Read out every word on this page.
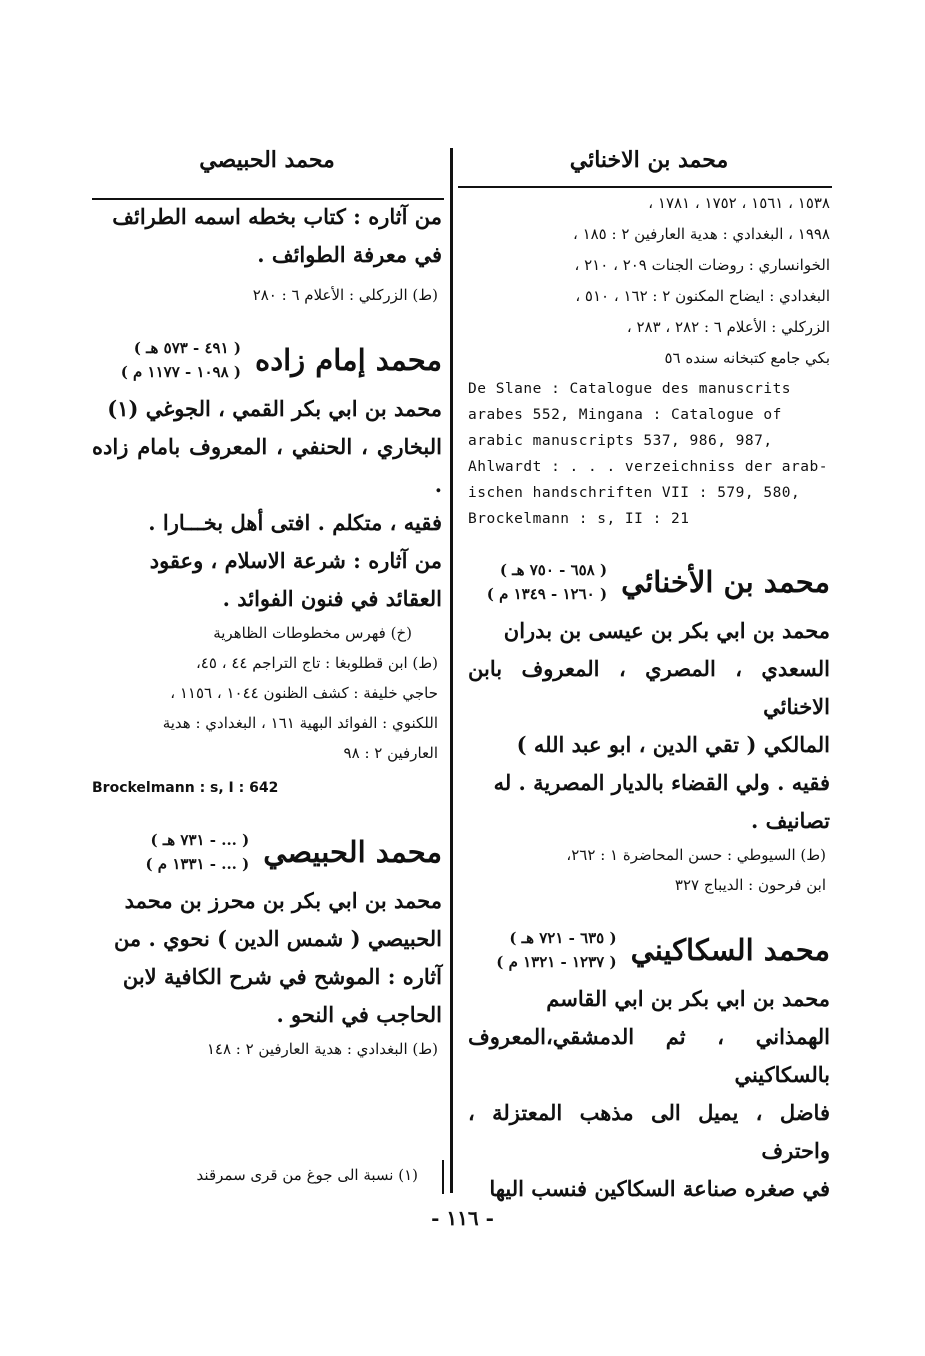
محمد بن الاخنائي

١٥٣٨ ، ١٥٦١ ، ١٧٥٢ ، ١٧٨١ ،

١٩٩٨ ، البغدادي : هدية العارفين ٢ : ١٨٥ ،

الخوانساري : روضات الجنات ٢٠٩ ، ٢١٠ ،

البغدادي : ايضاح المكنون ٢ : ١٦٢ ، ٥١٠ ،

الزركلي : الأعلام ٦ : ٢٨٢ ، ٢٨٣ ،

بكي جامع كتبخانه سنده ٥٦

De Slane : Catalogue des manuscrits

arabes 552, Mingana : Catalogue of

arabic manuscripts 537, 986, 987,

Ahlwardt : . . . verzeichniss der arab-

ischen handschriften VII : 579, 580,

Brockelmann : s, II : 21

محمد بن الأخنائي
( ٦٥٨ - ٧٥٠ هـ )
( ١٢٦٠ - ١٣٤٩ م )

محمد بن ابي بكر بن عيسى بن بدران

السعدي ، المصري ، المعروف بابن الاخنائي

المالكي ( تقي الدين ، ابو عبد الله )

فقيه . ولي القضاء بالديار المصرية . له

تصانيف .

(ط) السيوطي : حسن المحاضرة ١ : ٢٦٢،

ابن فرحون : الديباج ٣٢٧

محمد السكاكيني
( ٦٣٥ - ٧٢١ هـ )
( ١٢٣٧ - ١٣٢١ م )

محمد بن ابي بكر بن ابي القاسم

الهمذاني ، ثم الدمشقي،المعروف بالسكاكيني

فاضل ، يميل الى مذهب المعتزلة ، واحترف

في صغره صناعة السكاكين فنسب اليها

محمد الحبيصي

من آثاره : كتاب بخطه اسمه الطرائف

في معرفة الطوائف .

(ط) الزركلي : الأعلام ٦ : ٢٨٠

محمد إمام زاده
( ٤٩١ - ٥٧٣ هـ )
( ١٠٩٨ - ١١٧٧ م )

محمد بن ابي بكر القمي ، الجوغي (١)

البخاري ، الحنفي ، المعروف بامام زاده .

فقيه ، متكلم . افتى أهل بخـــارا .

من آثاره : شرعة الاسلام ، وعقود

العقائد في فنون الفوائد .

(خ) فهرس مخطوطات الظاهرية

(ط) ابن قطلوبغا : تاج التراجم ٤٤ ، ٤٥،

حاجي خليفة : كشف الظنون ١٠٤٤ ، ١١٥٦ ،

اللكنوي : الفوائد البهية ١٦١ ، البغدادي : هدية

العارفين ٢ : ٩٨

Brockelmann : s, I : 642

محمد الحبيصي
( ... - ٧٣١ هـ )
( ... - ١٣٣١ م )

محمد بن ابي بكر بن محرز بن محمد

الحبيصي ( شمس الدين ) نحوي . من

آثاره : الموشح في شرح الكافية لابن

الحاجب في النحو .

(ط) البغدادي : هدية العارفين ٢ : ١٤٨

(١) نسبة الى جوغ من قرى سمرقند
- ١١٦ -
